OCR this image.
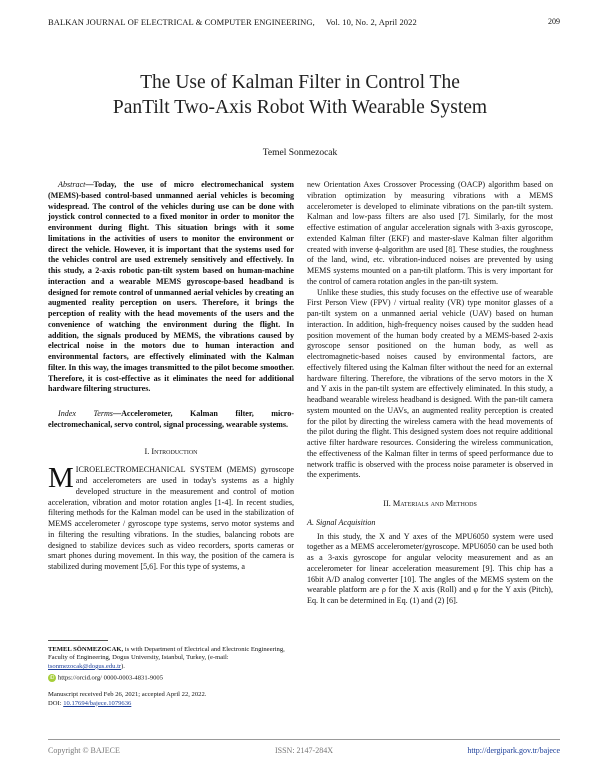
BALKAN JOURNAL OF ELECTRICAL & COMPUTER ENGINEERING,     Vol. 10, No. 2, April 2022	209
The Use of Kalman Filter in Control The
PanTilt Two-Axis Robot With Wearable System
Temel Sonmezocak
Abstract—Today, the use of micro electromechanical system (MEMS)-based control-based unmanned aerial vehicles is becoming widespread. The control of the vehicles during use can be done with joystick control connected to a fixed monitor in order to monitor the environment during flight. This situation brings with it some limitations in the activities of users to monitor the environment or direct the vehicle. However, it is important that the systems used for the vehicles control are used extremely sensitively and effectively. In this study, a 2-axis robotic pan-tilt system based on human-machine interaction and a wearable MEMS gyroscope-based headband is designed for remote control of unmanned aerial vehicles by creating an augmented reality perception on users. Therefore, it brings the perception of reality with the head movements of the users and the convenience of watching the environment during the flight. In addition, the signals produced by MEMS, the vibrations caused by electrical noise in the motors due to human interaction and environmental factors, are effectively eliminated with the Kalman filter. In this way, the images transmitted to the pilot become smoother. Therefore, it is cost-effective as it eliminates the need for additional hardware filtering structures.
Index Terms—Accelerometer, Kalman filter, micro-electromechanical, servo control, signal processing, wearable systems.
I. Introduction
MICROELECTROMECHANICAL SYSTEM (MEMS) gyroscope and accelerometers are used in today's systems as a highly developed structure in the measurement and control of motion acceleration, vibration and motor rotation angles [1-4]. In recent studies, filtering methods for the Kalman model can be used in the stabilization of MEMS accelerometer / gyroscope type systems, servo motor systems and in filtering the resulting vibrations. In the studies, balancing robots are designed to stabilize devices such as video recorders, sports cameras or smart phones during movement. In this way, the position of the camera is stabilized during movement [5,6]. For this type of systems, a
TEMEL SÖNMEZOCAK, is with Department of Electrical and Electronic Engineering, Faculty of Engineering, Dogus University, Istanbul, Turkey, (e-mail: tsonmezocak@dogus.edu.tr).
iD https://orcid.org/ 0000-0003-4831-9005
Manuscript received Feb 26, 2021; accepted April 22, 2022.
DOI: 10.17694/bajece.1079636

new Orientation Axes Crossover Processing (OACP) algorithm based on vibration optimization by measuring vibrations with a MEMS accelerometer is developed to eliminate vibrations on the pan-tilt system. Kalman and low-pass filters are also used [7]. Similarly, for the most effective estimation of angular acceleration signals with 3-axis gyroscope, extended Kalman filter (EKF) and master-slave Kalman filter algorithm created with inverse ϕ-algorithm are used [8]. These studies, the roughness of the land, wind, etc. vibration-induced noises are prevented by using MEMS systems mounted on a pan-tilt platform. This is very important for the control of camera rotation angles in the pan-tilt system.

Unlike these studies, this study focuses on the effective use of wearable First Person View (FPV) / virtual reality (VR) type monitor glasses of a pan-tilt system on a unmanned aerial vehicle (UAV) based on human interaction. In addition, high-frequency noises caused by the sudden head position movement of the human body created by a MEMS-based 2-axis gyroscope sensor positioned on the human body, as well as electromagnetic-based noises caused by environmental factors, are effectively filtered using the Kalman filter without the need for an external hardware filtering. Therefore, the vibrations of the servo motors in the X and Y axis in the pan-tilt system are effectively eliminated. In this study, a headband wearable wireless headband is designed. With the pan-tilt camera system mounted on the UAVs, an augmented reality perception is created for the pilot by directing the wireless camera with the head movements of the pilot during the flight. This designed system does not require additional active filter hardware resources. Considering the wireless communication, the effectiveness of the Kalman filter in terms of speed performance due to network traffic is observed with the process noise parameter is observed in the experiments.

II. Materials and Methods
A. Signal Acquisition

In this study, the X and Y axes of the MPU6050 system were used together as a MEMS accelerometer/gyroscope. MPU6050 can be used both as a 3-axis gyroscope for angular velocity measurement and as an accelerometer for linear acceleration measurement [9]. This chip has a 16bit A/D analog converter [10]. The angles of the MEMS system on the wearable platform are ρ for the X axis (Roll) and φ for the Y axis (Pitch), Eq. It can be determined in Eq. (1) and (2) [6].

Copyright © BAJECE	ISSN: 2147-284X	http://dergipark.gov.tr/bajece
